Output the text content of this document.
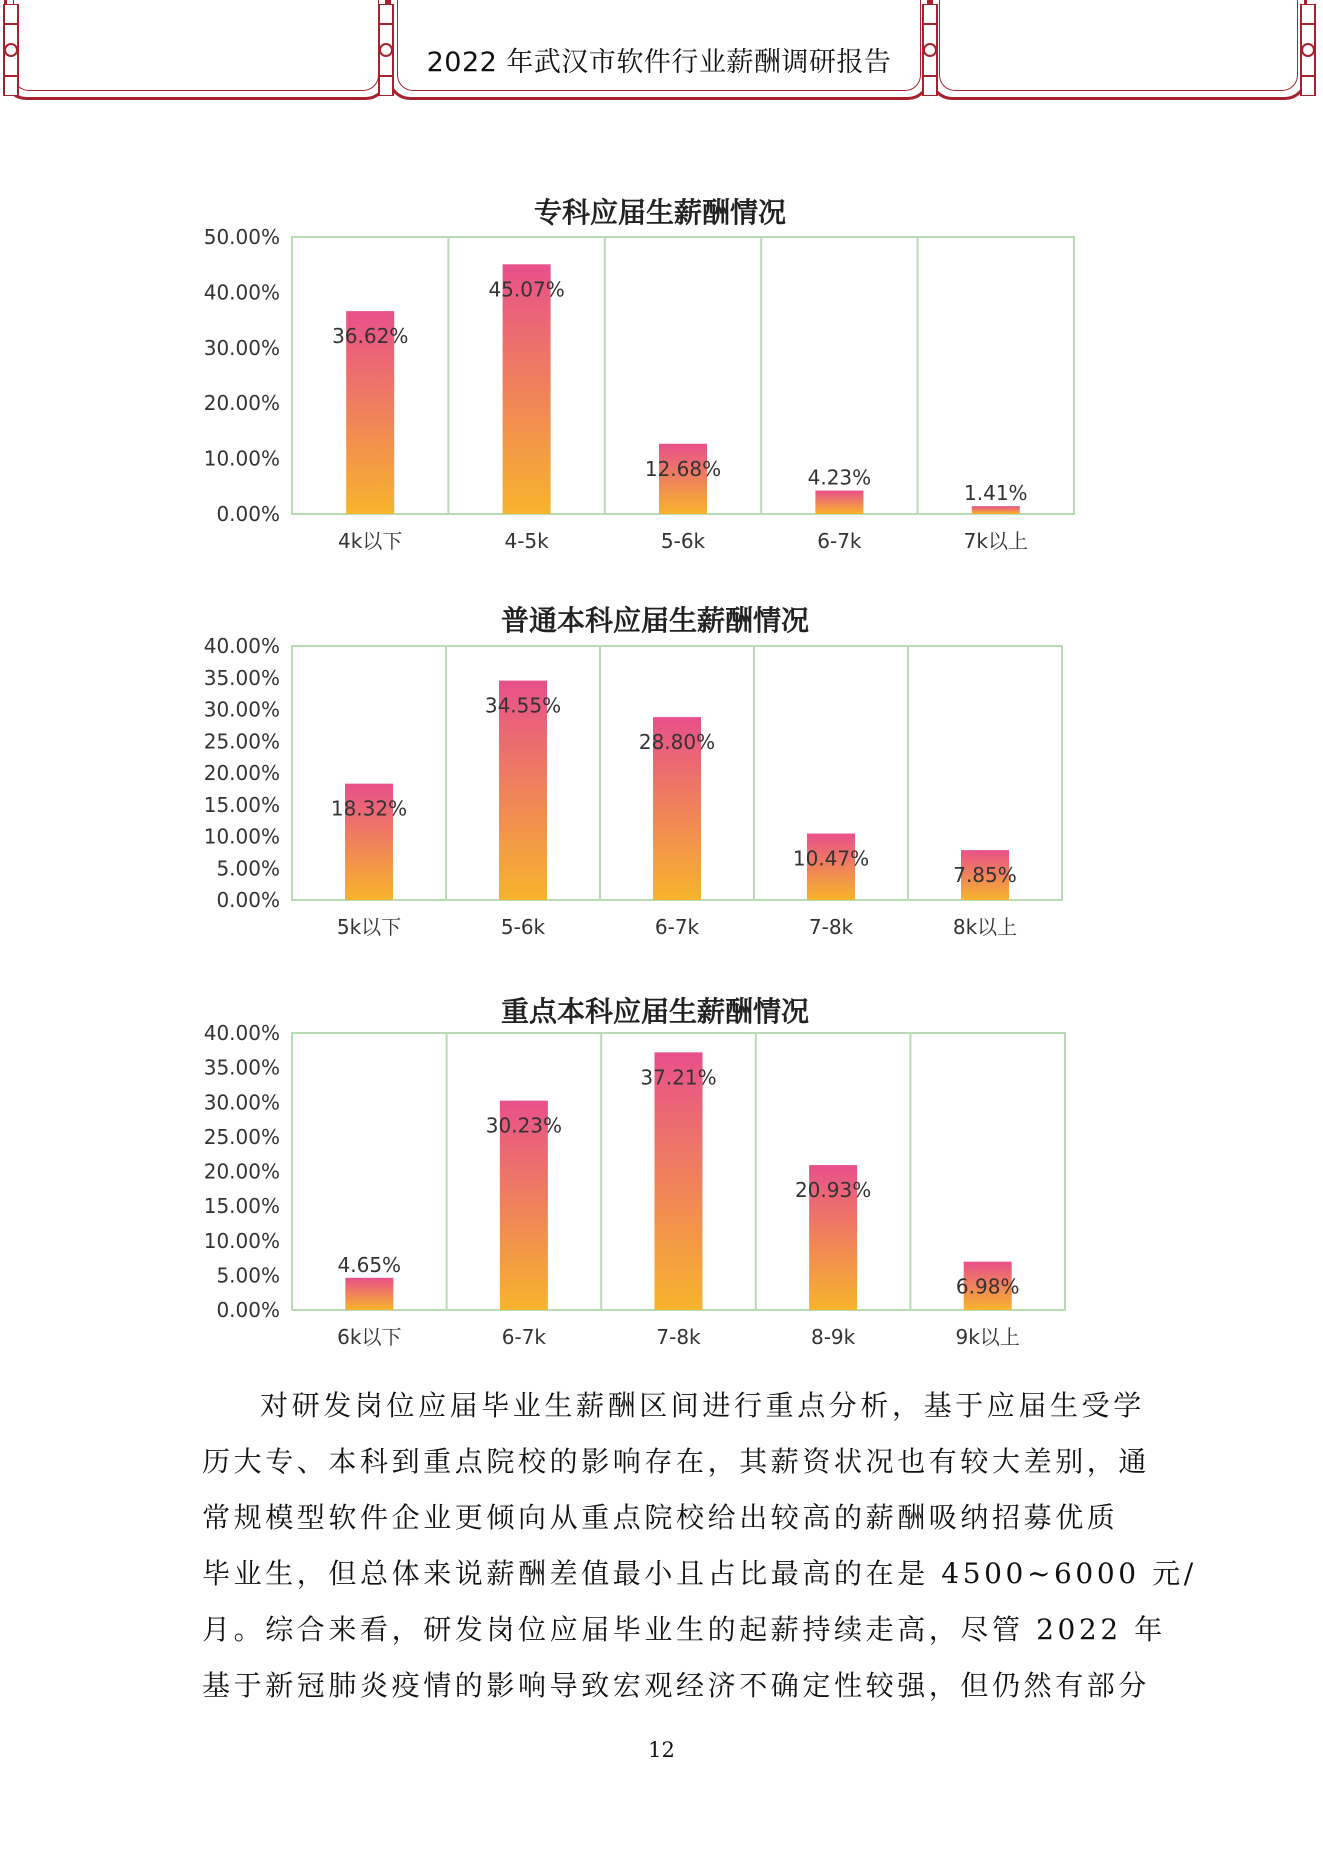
2022 年武汉市软件行业薪酬调研报告
专科应届生薪酬情况
0.00%
10.00%
20.00%
30.00%
40.00%
50.00%
36.62%
4k以下
45.07%
4-5k
12.68%
5-6k
4.23%
6-7k
1.41%
7k以上
普通本科应届生薪酬情况
0.00%
5.00%
10.00%
15.00%
20.00%
25.00%
30.00%
35.00%
40.00%
18.32%
5k以下
34.55%
5-6k
28.80%
6-7k
10.47%
7-8k
7.85%
8k以上
重点本科应届生薪酬情况
0.00%
5.00%
10.00%
15.00%
20.00%
25.00%
30.00%
35.00%
40.00%
4.65%
6k以下
30.23%
6-7k
37.21%
7-8k
20.93%
8-9k
6.98%
9k以上
对研发岗位应届毕业生薪酬区间进行重点分析，基于应届生受学
历大专、本科到重点院校的影响存在，其薪资状况也有较大差别，通
常规模型软件企业更倾向从重点院校给出较高的薪酬吸纳招募优质
毕业生，但总体来说薪酬差值最小且占比最高的在是 4500~6000 元/
月。综合来看，研发岗位应届毕业生的起薪持续走高，尽管 2022 年
基于新冠肺炎疫情的影响导致宏观经济不确定性较强，但仍然有部分
12
